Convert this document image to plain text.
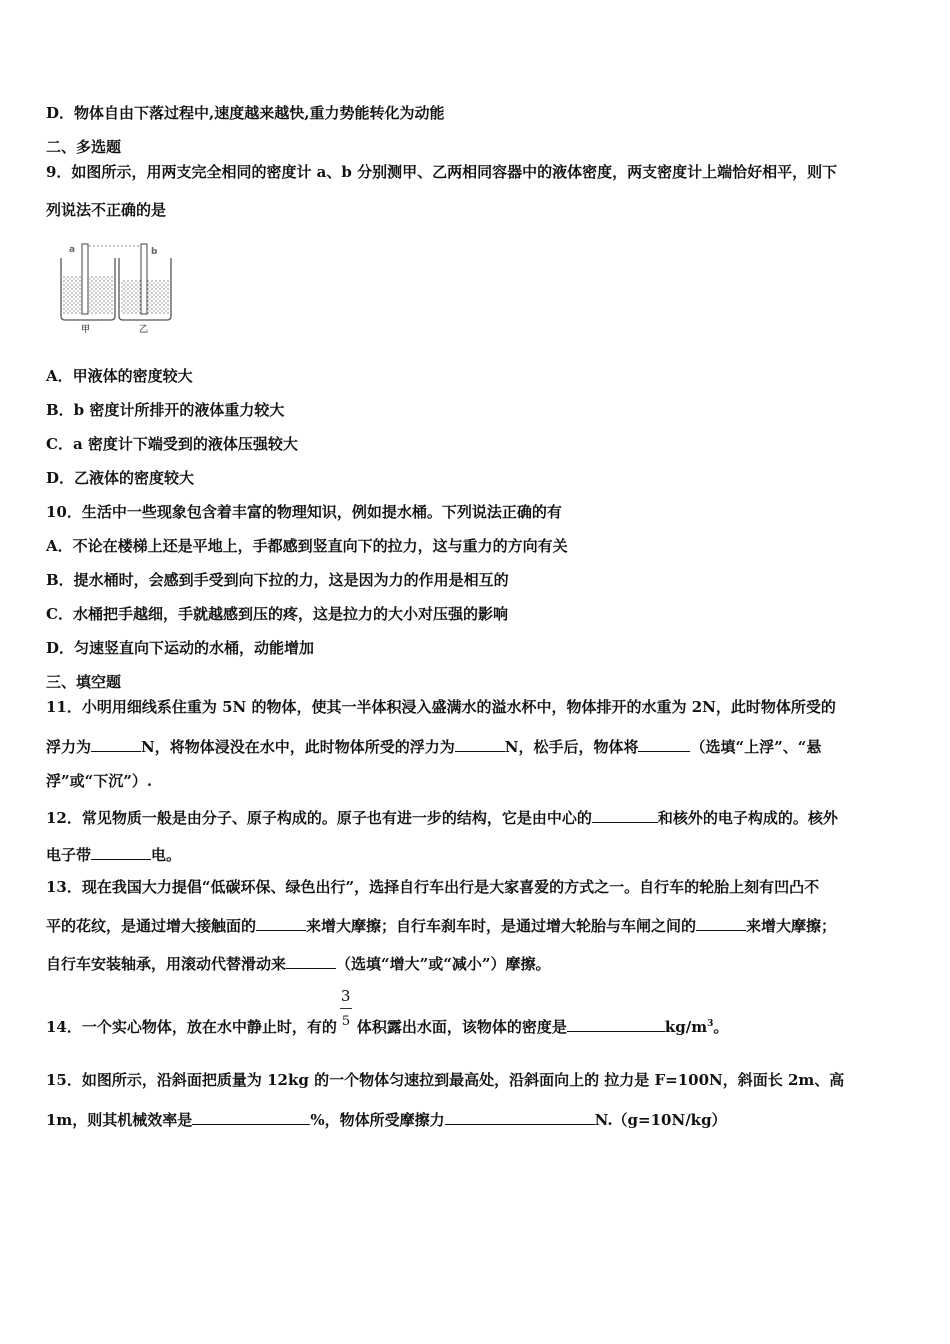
D．物体自由下落过程中,速度越来越快,重力势能转化为动能
二、多选题
9．如图所示，用两支完全相同的密度计 a、b 分别测甲、乙两相同容器中的液体密度，两支密度计上端恰好相平，则下
列说法不正确的是
a	b
甲	乙
A．甲液体的密度较大
B．b 密度计所排开的液体重力较大
C．a 密度计下端受到的液体压强较大
D．乙液体的密度较大
10．生活中一些现象包含着丰富的物理知识，例如提水桶。下列说法正确的有
A．不论在楼梯上还是平地上，手都感到竖直向下的拉力，这与重力的方向有关
B．提水桶时，会感到手受到向下拉的力，这是因为力的作用是相互的
C．水桶把手越细，手就越感到压的疼，这是拉力的大小对压强的影响
D．匀速竖直向下运动的水桶，动能增加
三、填空题
11．小明用细线系住重为 5N 的物体，使其一半体积浸入盛满水的溢水杯中，物体排开的水重为 2N，此时物体所受的
浮力为	N，将物体浸没在水中，此时物体所受的浮力为	N，松手后，物体将	（选填“上浮”、“悬
浮”或“下沉”）.
12．常见物质一般是由分子、原子构成的。原子也有进一步的结构，它是由中心的	和核外的电子构成的。核外
电子带	电。
13．现在我国大力提倡“低碳环保、绿色出行”，选择自行车出行是大家喜爱的方式之一。自行车的轮胎上刻有凹凸不
平的花纹，是通过增大接触面的	来增大摩擦；自行车刹车时，是通过增大轮胎与车闸之间的	来增大摩擦；
自行车安装轴承，用滚动代替滑动来	（选填“增大”或“减小”）摩擦。
14．一个实心物体，放在水中静止时，有的 $\frac{3}{5}$ 体积露出水面，该物体的密度是	$kg/m^3$。
15．如图所示，沿斜面把质量为 12kg 的一个物体匀速拉到最高处，沿斜面向上的 拉力是 F=100N，斜面长 2m、高
1m，则其机械效率是	%，物体所受摩擦力	N.（g=10N/kg）
